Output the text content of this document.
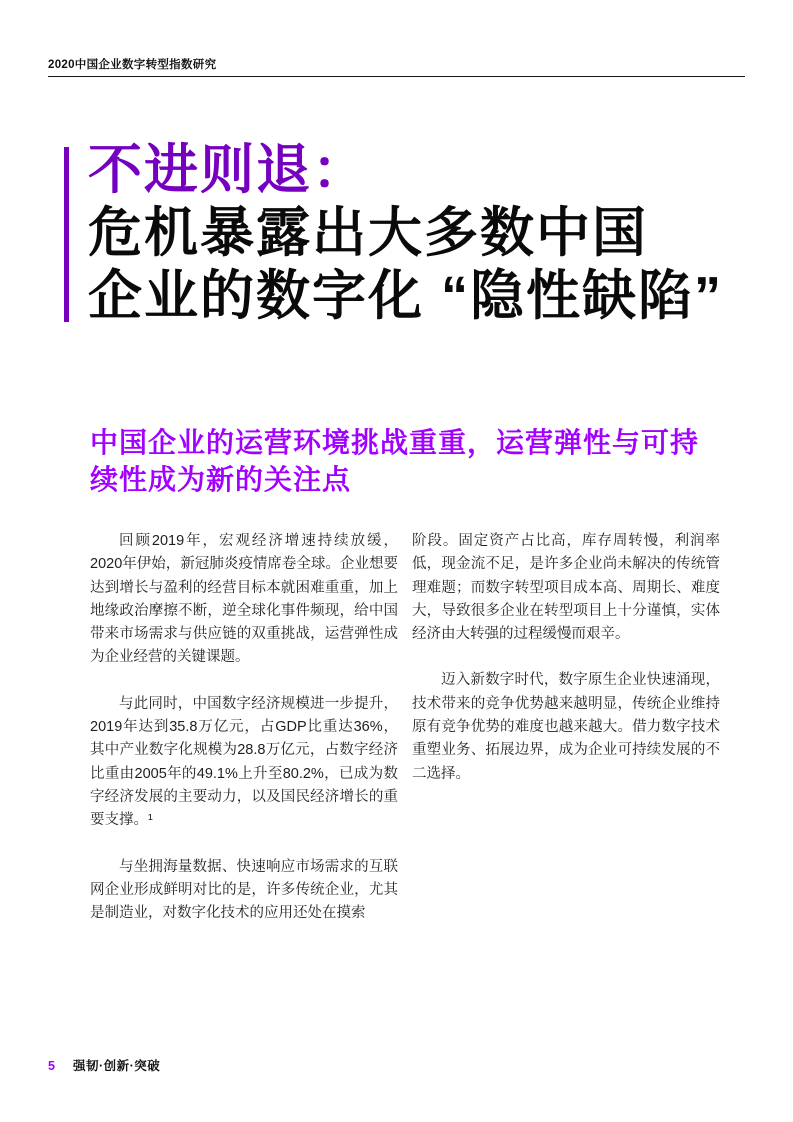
2020中国企业数字转型指数研究
不进则退：
危机暴露出大多数中国
企业的数字化 “隐性缺陷”
中国企业的运营环境挑战重重，运营弹性与可持
续性成为新的关注点

回顾2019年，宏观经济增速持续放缓，2020年伊始，新冠肺炎疫情席卷全球。企业想要达到增长与盈利的经营目标本就困难重重，加上地缘政治摩擦不断，逆全球化事件频现，给中国带来市场需求与供应链的双重挑战，运营弹性成为企业经营的关键课题。

与此同时，中国数字经济规模进一步提升，2019年达到35.8万亿元，占GDP比重达36%，其中产业数字化规模为28.8万亿元，占数字经济比重由2005年的49.1%上升至80.2%，已成为数字经济发展的主要动力，以及国民经济增长的重要支撑。¹

与坐拥海量数据、快速响应市场需求的互联网企业形成鲜明对比的是，许多传统企业，尤其是制造业，对数字化技术的应用还处在摸索

阶段。固定资产占比高，库存周转慢，利润率低，现金流不足，是许多企业尚未解决的传统管理难题；而数字转型项目成本高、周期长、难度大，导致很多企业在转型项目上十分谨慎，实体经济由大转强的过程缓慢而艰辛。

迈入新数字时代，数字原生企业快速涌现，技术带来的竞争优势越来越明显，传统企业维持原有竞争优势的难度也越来越大。借力数字技术重塑业务、拓展边界，成为企业可持续发展的不二选择。

5 强韧·创新·突破
